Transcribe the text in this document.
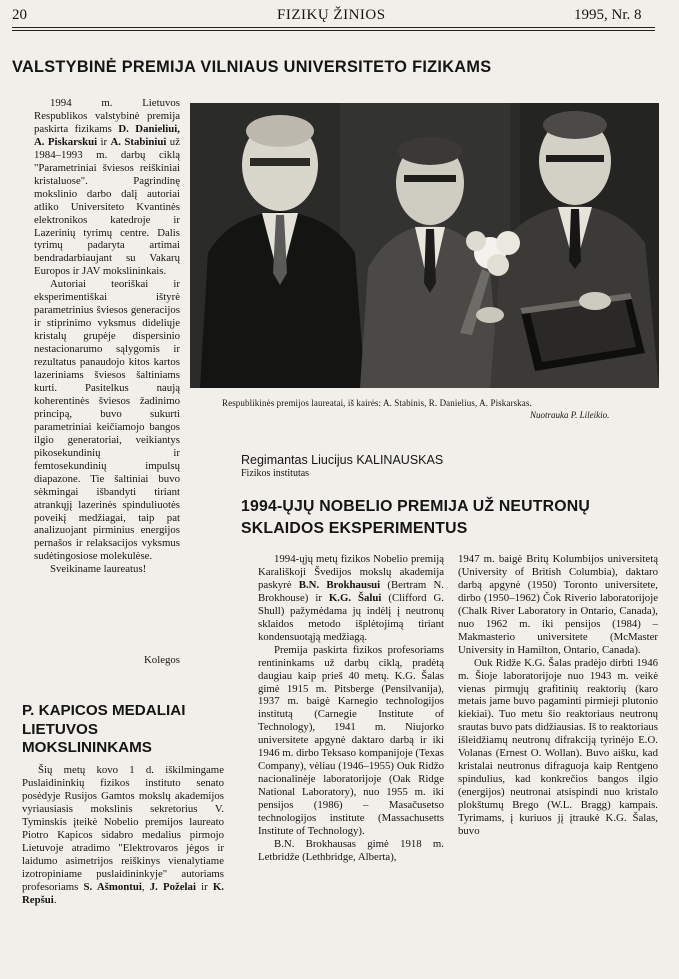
20	FIZIKŲ ŽINIOS	1995, Nr. 8
VALSTYBINĖ PREMIJA VILNIAUS UNIVERSITETO FIZIKAMS

1994 m. Lietuvos Respublikos valstybinė premija paskirta fizikams D. Danieliui, A. Piskarskui ir A. Stabiniui už 1984–1993 m. darbų ciklą "Parametriniai šviesos reiškiniai kristaluose". Pagrindinę mokslinio darbo dalį autoriai atliko Universiteto Kvantinės elektronikos katedroje ir Lazerinių tyrimų centre. Dalis tyrimų padaryta artimai bendradarbiaujant su Vakarų Europos ir JAV mokslininkais.

Autoriai teoriškai ir eksperimentiškai ištyrė parametrinius šviesos generacijos ir stiprinimo vyksmus dideliųje kristalų grupėje dispersinio nestacionarumo sąlygomis ir rezultatus panaudojo kitos kartos lazeriniams šviesos šaltiniams kurti. Pasitelkus naują koherentinės šviesos žadinimo principą, buvo sukurti parametriniai keičiamojo bangos ilgio generatoriai, veikiantys pikosekundinių ir femtosekundinių impulsų diapazone. Tie šaltiniai buvo sėkmingai išbandyti tiriant atrankųjį lazerinės spinduliuotės poveikį medžiagai, taip pat analizuojant pirminius energijos pernašos ir relaksacijos vyksmus sudėtingosiose molekulėse.

Sveikiname laureatus!

Kolegos
Respublikinės premijos laureatai, iš kairės: A. Stabinis, R. Danielius, A. Piskarskas.
Nuotrauka P. Lileikio.
Regimantas Liucijus KALINAUSKAS
Fizikos institutas
1994-ŲJŲ NOBELIO PREMIJA UŽ NEUTRONŲ SKLAIDOS EKSPERIMENTUS

1994-ųjų metų fizikos Nobelio premiją Karališkoji Švedijos mokslų akademija paskyrė B.N. Brokhausui (Bertram N. Brokhouse) ir K.G. Šalui (Clifford G. Shull) pažymėdama jų indėlį į neutronų sklaidos metodo išplėtojimą tiriant kondensuotąją medžiagą.

Premija paskirta fizikos profesoriams rentininkams už darbų ciklą, pradėtą daugiau kaip prieš 40 metų. K.G. Šalas gimė 1915 m. Pitsberge (Pensilvanija), 1937 m. baigė Karnegio technologijos institutą (Carnegie Institute of Technology), 1941 m. Niujorko universitete apgynė daktaro darbą ir iki 1946 m. dirbo Teksaso kompanijoje (Texas Company), vėliau (1946–1955) Ouk Ridžo nacionalinėje laboratorijoje (Oak Ridge National Laboratory), nuo 1955 m. iki pensijos (1986) – Masačusetso technologijos institute (Massachusetts Institute of Technology).

B.N. Brokhausas gimė 1918 m. Letbridže (Lethbridge, Alberta),

1947 m. baigė Britų Kolumbijos universitetą (University of British Columbia), daktaro darbą apgynė (1950) Toronto universitete, dirbo (1950–1962) Čok Riverio laboratorijoje (Chalk River Laboratory in Ontario, Canada), nuo 1962 m. iki pensijos (1984) – Makmasterio universitete (McMaster University in Hamilton, Ontario, Canada).

Ouk Ridže K.G. Šalas pradėjo dirbti 1946 m. Šioje laboratorijoje nuo 1943 m. veikė vienas pirmųjų grafitinių reaktorių (karo metais jame buvo pagaminti pirmieji plutonio kiekiai). Tuo metu šio reaktoriaus neutronų srautas buvo pats didžiausias. Iš to reaktoriaus išleidžiamų neutronų difrakciją tyrinėjo E.O. Volanas (Ernest O. Wollan). Buvo aišku, kad kristalai neutronus difraguoja kaip Rentgeno spindulius, kad konkrečios bangos ilgio (energijos) neutronai atsispindi nuo kristalo plokštumų Brego (W.L. Bragg) kampais. Tyrimams, į kuriuos jį įtraukė K.G. Šalas, buvo

P. KAPICOS MEDALIAI LIETUVOS MOKSLININKAMS

Šių metų kovo 1 d. iškilmingame Puslaidininkių fizikos instituto senato posėdyje Rusijos Gamtos mokslų akademijos vyriausiasis mokslinis sekretorius V. Tyminskis įteikė Nobelio premijos laureato Piotro Kapicos sidabro medalius pirmojo Lietuvoje atradimo "Elektrovaros jėgos ir laidumo asimetrijos reiškinys vienalytiame izotropiniame puslaidininkyje" autoriams profesoriams S. Ašmontui, J. Poželai ir K. Repšui.
